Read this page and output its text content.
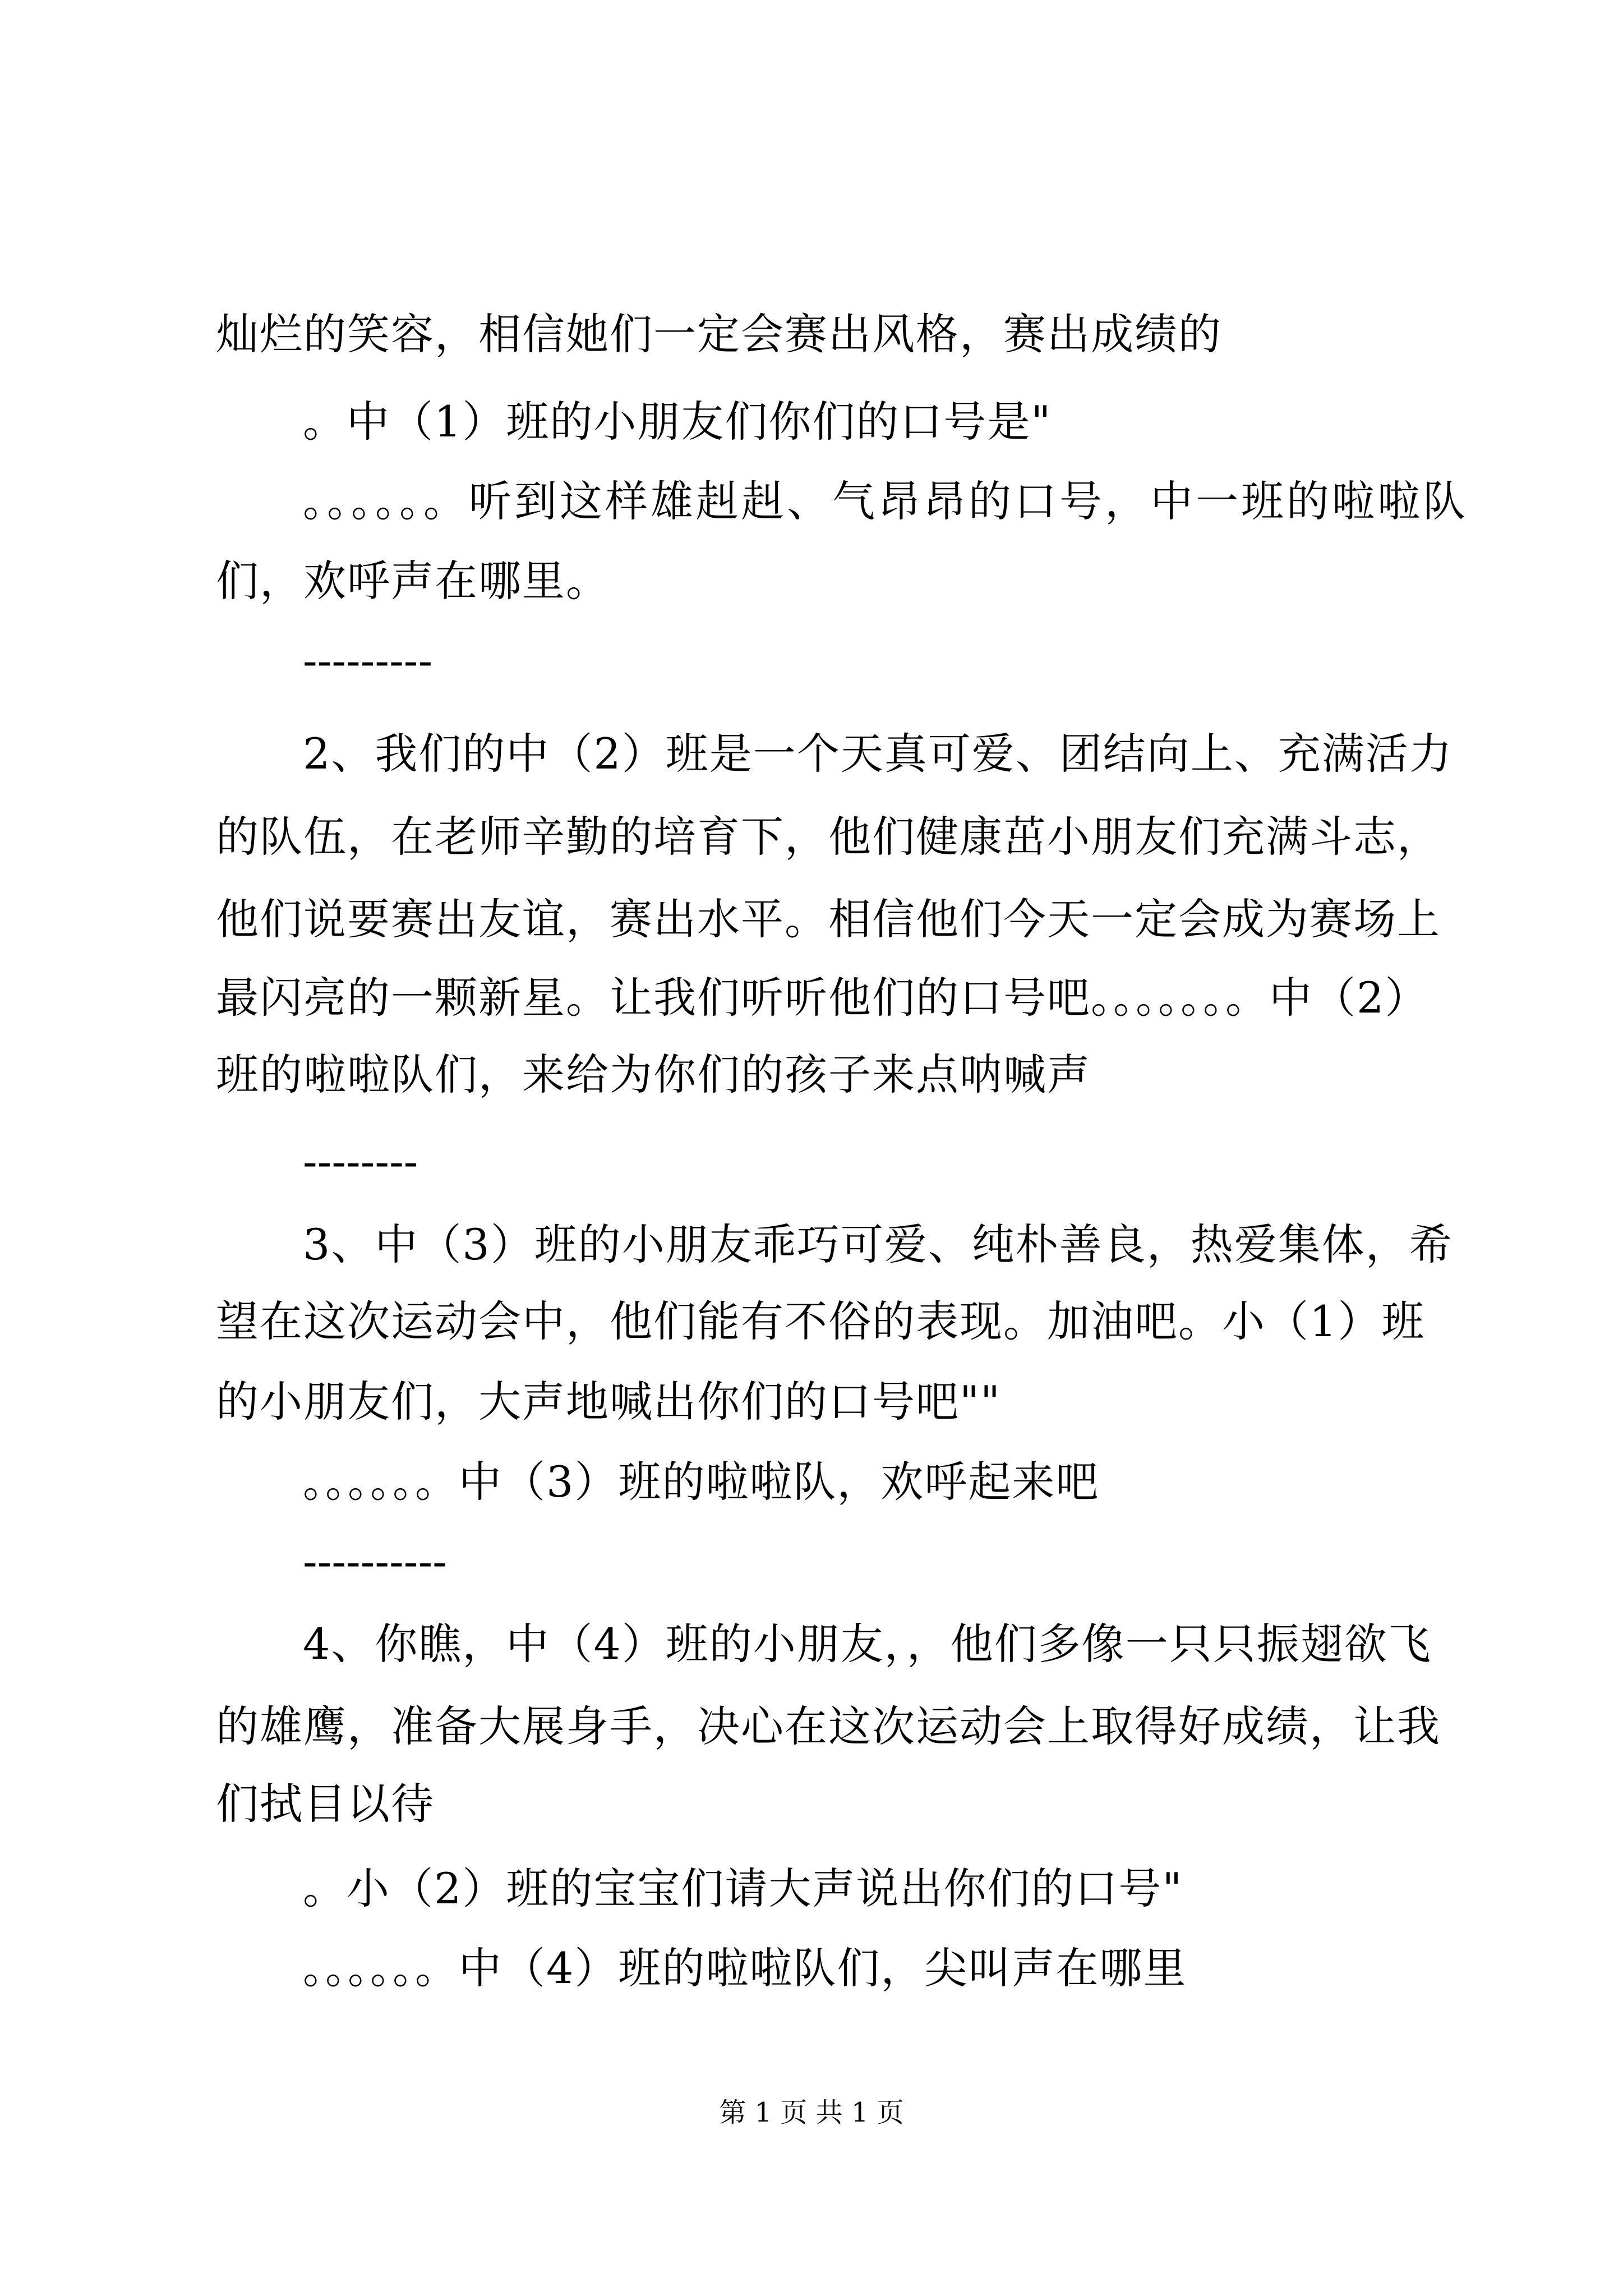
灿烂的笑容，相信她们一定会赛出风格，赛出成绩的
。中（1）班的小朋友们你们的口号是"
。。。。。。听到这样雄赳赳、气昂昂的口号，中一班的啦啦队
们，欢呼声在哪里。
---------
2、我们的中（2）班是一个天真可爱、团结向上、充满活力
的队伍，在老师辛勤的培育下，他们健康茁小朋友们充满斗志，
他们说要赛出友谊，赛出水平。相信他们今天一定会成为赛场上
最闪亮的一颗新星。让我们听听他们的口号吧。。。。。。。中（2）
班的啦啦队们，来给为你们的孩子来点呐喊声
--------
3、中（3）班的小朋友乖巧可爱、纯朴善良，热爱集体，希
望在这次运动会中，他们能有不俗的表现。加油吧。小（1）班
的小朋友们，大声地喊出你们的口号吧""
。。。。。。中（3）班的啦啦队，欢呼起来吧
----------
4、你瞧，中（4）班的小朋友，，他们多像一只只振翅欲飞
的雄鹰，准备大展身手，决心在这次运动会上取得好成绩，让我
们拭目以待
。小（2）班的宝宝们请大声说出你们的口号"
。。。。。。中（4）班的啦啦队们，尖叫声在哪里
第 1 页 共 1 页
